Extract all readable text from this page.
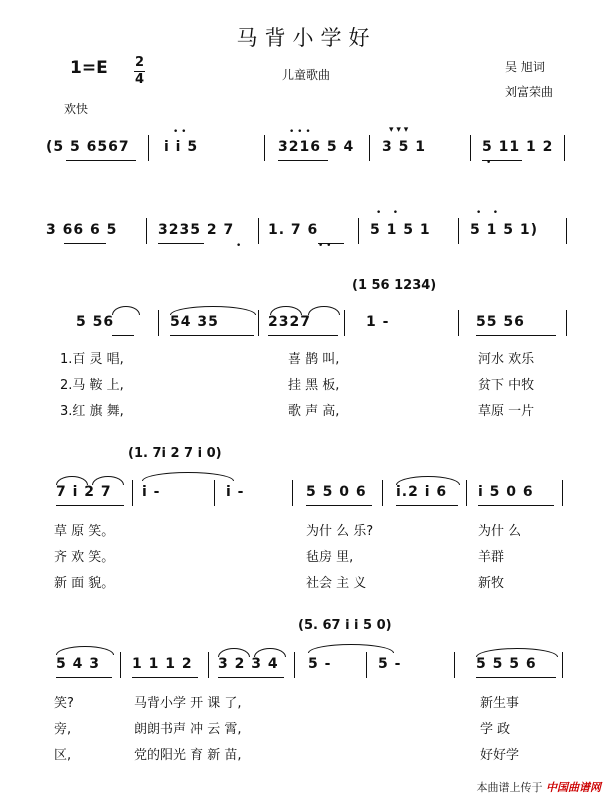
马背小学好
1=E 2
4	儿童歌曲
吴 旭词
刘富荣曲
欢快
(5 5 6567 i i 5	3216 5 4 3 5 1	5 11 1 2
• •	• • •	▾ ▾ ▾
•
3 66 6 5	3235 2 7 1. 7 6	5 1 5 1	5 1 5 1)
•    •	•    •
•	• •
(1 56 1234)
5 56	54 35	2327	1 -	55 56
1.百 灵 唱,	喜 鹊 叫,	河水 欢乐
2.马 鞍 上,	挂 黑 板,	贫下 中牧
3.红 旗 舞,	歌 声 高,	草原 一片
(1. 7i 2 7 i 0)
7 i 2 7 i -	i -	5 5 0 6 i.2 i 6 i 5 0 6
草 原 笑。	为什 么 乐?	为什 么
齐 欢 笑。	毡房 里,	羊群
新 面 貌。	社会 主 义	新牧
(5. 67 i i 5 0)
5 4 3 1 1 1 2 3 2 3 4 5 -	5 -	5 5 5 6
笑?	马背小学 开 课 了,	新生事
旁,	朗朗书声 冲 云 霄,	学 政
区,	党的阳光 育 新 苗,	好好学
本曲谱上传于 中国曲谱网
